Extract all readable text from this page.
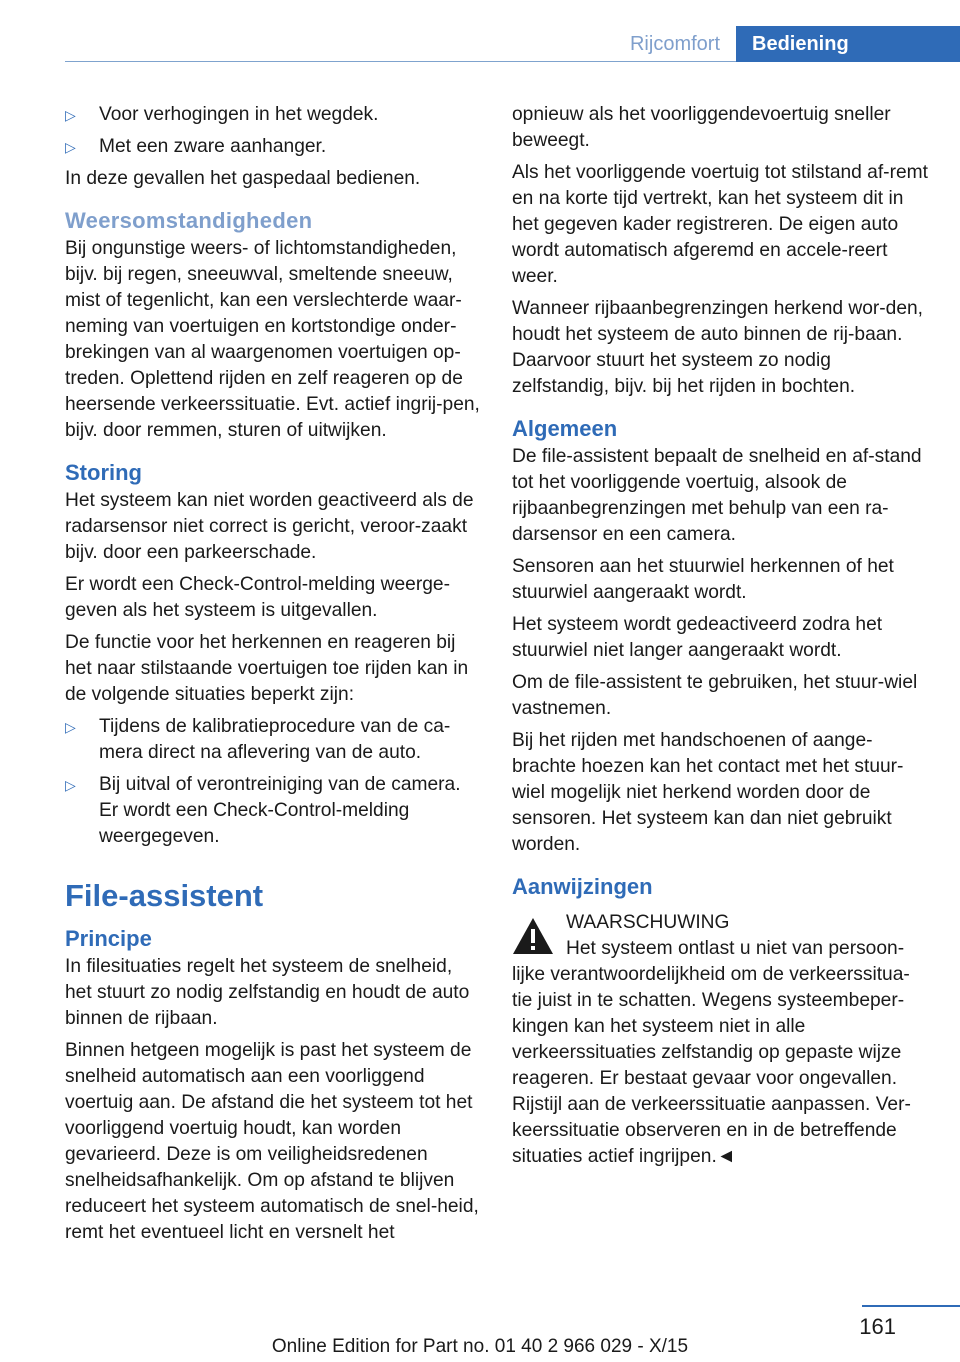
Rijcomfort	Bediening
▷ Voor verhogingen in het wegdek.
▷ Met een zware aanhanger.

In deze gevallen het gaspedaal bedienen.

Weersomstandigheden

Bij ongunstige weers- of lichtomstandigheden, bijv. bij regen, sneeuwval, smeltende sneeuw, mist of tegenlicht, kan een verslechterde waar-neming van voertuigen en kortstondige onder-brekingen van al waargenomen voertuigen op-treden. Oplettend rijden en zelf reageren op de heersende verkeerssituatie. Evt. actief ingrij-pen, bijv. door remmen, sturen of uitwijken.

Storing

Het systeem kan niet worden geactiveerd als de radarsensor niet correct is gericht, veroor-zaakt bijv. door een parkeerschade.

Er wordt een Check-Control-melding weerge-geven als het systeem is uitgevallen.

De functie voor het herkennen en reageren bij het naar stilstaande voertuigen toe rijden kan in de volgende situaties beperkt zijn:

▷ Tijdens de kalibratieprocedure van de ca-mera direct na aflevering van de auto.
▷ Bij uitval of verontreiniging van de camera. Er wordt een Check-Control-melding weergegeven.
File-assistent
Principe

In filesituaties regelt het systeem de snelheid, het stuurt zo nodig zelfstandig en houdt de auto binnen de rijbaan.

Binnen hetgeen mogelijk is past het systeem de snelheid automatisch aan een voorliggend voertuig aan. De afstand die het systeem tot het voorliggend voertuig houdt, kan worden gevarieerd. Deze is om veiligheidsredenen snelheidsafhankelijk. Om op afstand te blijven reduceert het systeem automatisch de snel-heid, remt het eventueel licht en versnelt het

opnieuw als het voorliggendevoertuig sneller beweegt.

Als het voorliggende voertuig tot stilstand af-remt en na korte tijd vertrekt, kan het systeem dit in het gegeven kader registreren. De eigen auto wordt automatisch afgeremd en accele-reert weer.

Wanneer rijbaanbegrenzingen herkend wor-den, houdt het systeem de auto binnen de rij-baan. Daarvoor stuurt het systeem zo nodig zelfstandig, bijv. bij het rijden in bochten.

Algemeen

De file-assistent bepaalt de snelheid en af-stand tot het voorliggende voertuig, alsook de rijbaanbegrenzingen met behulp van een ra-darsensor en een camera.

Sensoren aan het stuurwiel herkennen of het stuurwiel aangeraakt wordt.

Het systeem wordt gedeactiveerd zodra het stuurwiel niet langer aangeraakt wordt.

Om de file-assistent te gebruiken, het stuur-wiel vastnemen.

Bij het rijden met handschoenen of aange-brachte hoezen kan het contact met het stuur-wiel mogelijk niet herkend worden door de sensoren. Het systeem kan dan niet gebruikt worden.

Aanwijzingen
WAARSCHUWING
Het systeem ontlast u niet van persoon-lijke verantwoordelijkheid om de verkeerssitua-tie juist in te schatten. Wegens systeembeper-kingen kan het systeem niet in alle verkeerssituaties zelfstandig op gepaste wijze reageren. Er bestaat gevaar voor ongevallen. Rijstijl aan de verkeerssituatie aanpassen. Ver-keerssituatie observeren en in de betreffende situaties actief ingrijpen.◄
161
Online Edition for Part no. 01 40 2 966 029 - X/15
